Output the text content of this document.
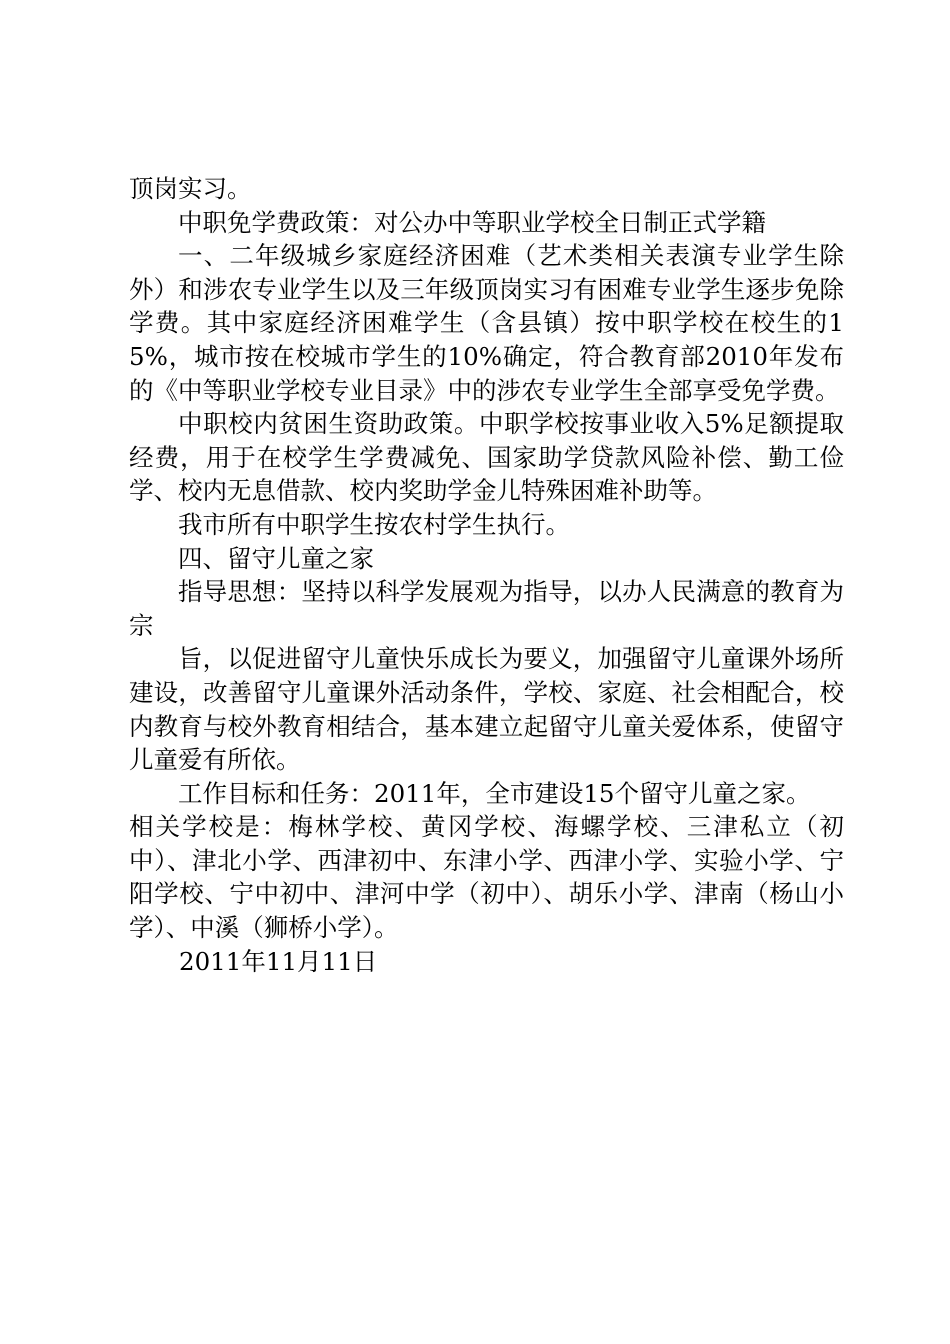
顶岗实习。

中职免学费政策：对公办中等职业学校全日制正式学籍

一、二年级城乡家庭经济困难（艺术类相关表演专业学生除外）和涉农专业学生以及三年级顶岗实习有困难专业学生逐步免除学费。其中家庭经济困难学生（含县镇）按中职学校在校生的15%，城市按在校城市学生的10%确定，符合教育部2010年发布的《中等职业学校专业目录》中的涉农专业学生全部享受免学费。

中职校内贫困生资助政策。中职学校按事业收入5%足额提取经费，用于在校学生学费减免、国家助学贷款风险补偿、勤工俭学、校内无息借款、校内奖助学金儿特殊困难补助等。

我市所有中职学生按农村学生执行。

四、留守儿童之家

指导思想：坚持以科学发展观为指导，以办人民满意的教育为宗

旨，以促进留守儿童快乐成长为要义，加强留守儿童课外场所建设，改善留守儿童课外活动条件，学校、家庭、社会相配合，校内教育与校外教育相结合，基本建立起留守儿童关爱体系，使留守儿童爱有所依。

工作目标和任务：2011年，全市建设15个留守儿童之家。

相关学校是：梅林学校、黄冈学校、海螺学校、三津私立（初中）、津北小学、西津初中、东津小学、西津小学、实验小学、宁阳学校、宁中初中、津河中学（初中）、胡乐小学、津南（杨山小学）、中溪（狮桥小学）。

2011年11月11日
